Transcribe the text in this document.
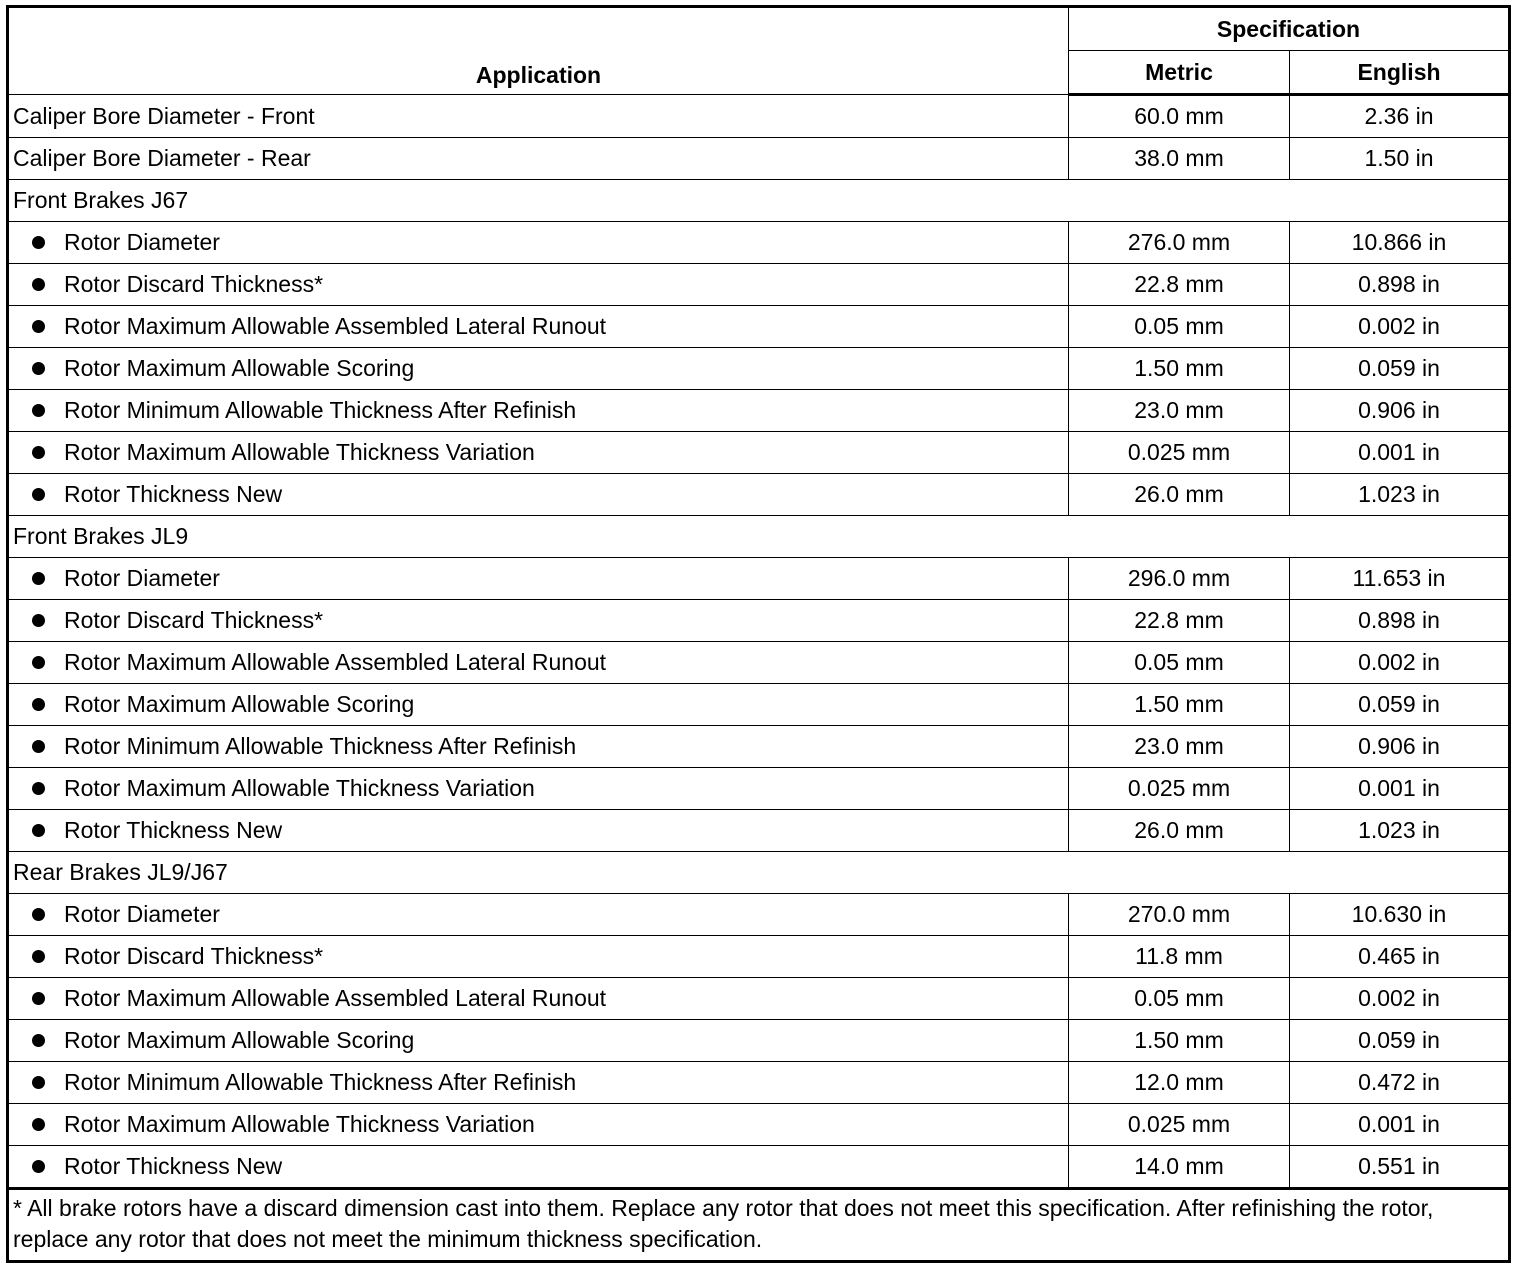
Application	Specification	
	Metric	English
Caliper Bore Diameter - Front	60.0 mm	2.36 in
Caliper Bore Diameter - Rear	38.0 mm	1.50 in
Front Brakes J67		
Rotor Diameter	276.0 mm	10.866 in
Rotor Discard Thickness*	22.8 mm	0.898 in
Rotor Maximum Allowable Assembled Lateral Runout	0.05 mm	0.002 in
Rotor Maximum Allowable Scoring	1.50 mm	0.059 in
Rotor Minimum Allowable Thickness After Refinish	23.0 mm	0.906 in
Rotor Maximum Allowable Thickness Variation	0.025 mm	0.001 in
Rotor Thickness New	26.0 mm	1.023 in
Front Brakes JL9		
Rotor Diameter	296.0 mm	11.653 in
Rotor Discard Thickness*	22.8 mm	0.898 in
Rotor Maximum Allowable Assembled Lateral Runout	0.05 mm	0.002 in
Rotor Maximum Allowable Scoring	1.50 mm	0.059 in
Rotor Minimum Allowable Thickness After Refinish	23.0 mm	0.906 in
Rotor Maximum Allowable Thickness Variation	0.025 mm	0.001 in
Rotor Thickness New	26.0 mm	1.023 in
Rear Brakes JL9/J67		
Rotor Diameter	270.0 mm	10.630 in
Rotor Discard Thickness*	11.8 mm	0.465 in
Rotor Maximum Allowable Assembled Lateral Runout	0.05 mm	0.002 in
Rotor Maximum Allowable Scoring	1.50 mm	0.059 in
Rotor Minimum Allowable Thickness After Refinish	12.0 mm	0.472 in
Rotor Maximum Allowable Thickness Variation	0.025 mm	0.001 in
Rotor Thickness New	14.0 mm	0.551 in
* All brake rotors have a discard dimension cast into them. Replace any rotor that does not meet this specification. After refinishing the rotor, replace any rotor that does not meet the minimum thickness specification.		
